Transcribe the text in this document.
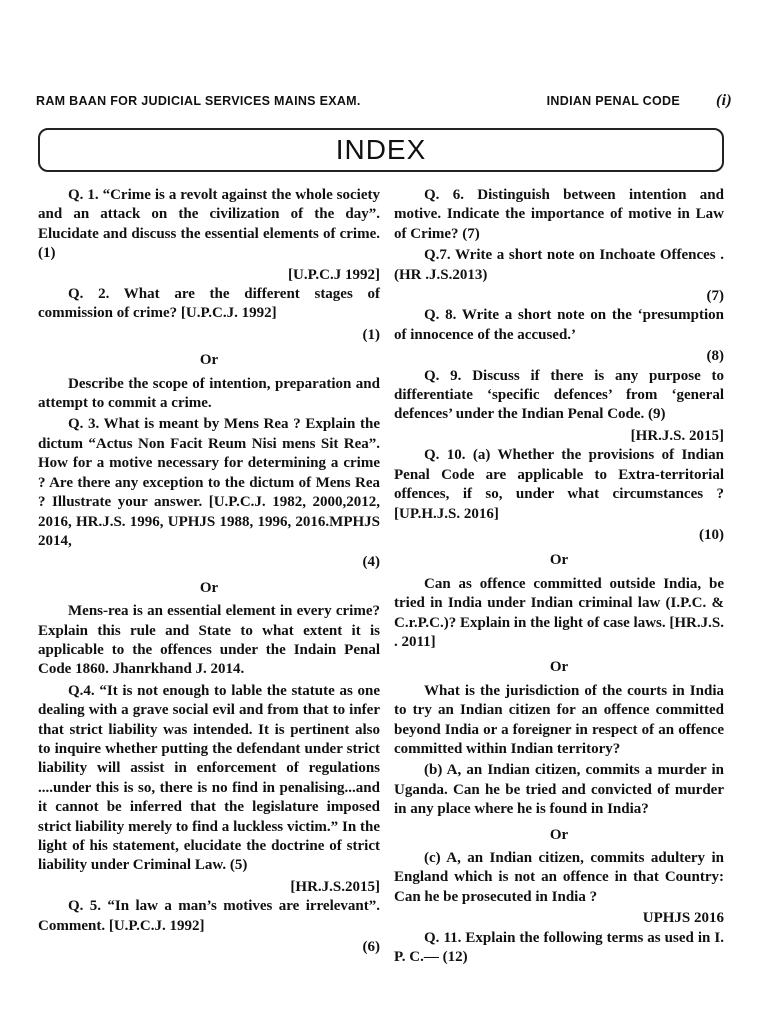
RAM BAAN FOR JUDICIAL SERVICES MAINS EXAM.	INDIAN PENAL CODE (i)
INDEX
Q. 1. “Crime is a revolt against the whole society and an attack on the civilization of the day”. Elucidate and discuss the essential elements of crime. (1)
[U.P.C.J 1992]
Q. 2. What are the different stages of commission of crime? [U.P.C.J. 1992]
(1)
Or
Describe the scope of intention, preparation and attempt to commit a crime.
Q. 3. What is meant by Mens Rea ? Explain the dictum “Actus Non Facit Reum Nisi mens Sit Rea”. How for a motive necessary for determining a crime ? Are there any exception to the dictum of Mens Rea ? Illustrate your answer. [U.P.C.J. 1982, 2000,2012, 2016, HR.J.S. 1996, UPHJS 1988, 1996, 2016.MPHJS 2014,
(4)
Or
Mens-rea is an essential element in every crime? Explain this rule and State to what extent it is applicable to the offences under the Indain Penal Code 1860. Jhanrkhand J. 2014.
Q.4. “It is not enough to lable the statute as one dealing with a grave social evil and from that to infer that strict liability was intended. It is pertinent also to inquire whether putting the defendant under strict liability will assist in enforcement of regulations ....under this is so, there is no find in penalising...and it cannot be inferred that the legislature imposed strict liability merely to find a luckless victim.” In the light of his statement, elucidate the doctrine of strict liability under Criminal Law. (5)
[HR.J.S.2015]
Q. 5. “In law a man’s motives are irrelevant”. Comment. [U.P.C.J. 1992]
(6)
Q. 6. Distinguish between intention and motive. Indicate the importance of motive in Law of Crime? (7)
Q.7. Write a short note on Inchoate Offences . (HR .J.S.2013)
(7)
Q. 8. Write a short note on the ‘presumption of innocence of the accused.’
(8)
Q. 9. Discuss if there is any purpose to differentiate ‘specific defences’ from ‘general defences’ under the Indian Penal Code. (9)
[HR.J.S. 2015]
Q. 10. (a) Whether the provisions of Indian Penal Code are applicable to Extra-territorial offences, if so, under what circumstances ? [UP.H.J.S. 2016]
(10)
Or
Can as offence committed outside India, be tried in India under Indian criminal law (I.P.C. & C.r.P.C.)? Explain in the light of case laws. [HR.J.S. . 2011]
Or
What is the jurisdiction of the courts in India to try an Indian citizen for an offence committed beyond India or a foreigner in respect of an offence committed within Indian territory?
(b) A, an Indian citizen, commits a murder in Uganda. Can he be tried and convicted of murder in any place where he is found in India?
Or
(c) A, an Indian citizen, commits adultery in England which is not an offence in that Country: Can he be prosecuted in India ?
UPHJS 2016
Q. 11. Explain the following terms as used in I. P. C.— (12)
